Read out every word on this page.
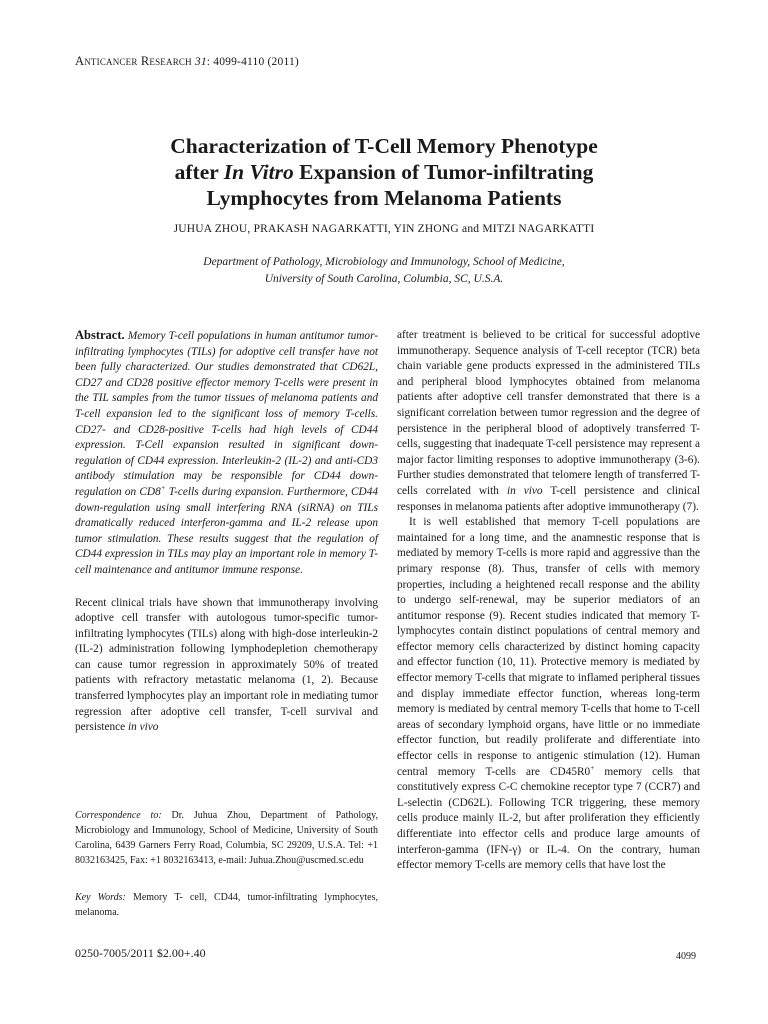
Anticancer Research 31: 4099-4110 (2011)
Characterization of T-Cell Memory Phenotype
after In Vitro Expansion of Tumor-infiltrating
Lymphocytes from Melanoma Patients
JUHUA ZHOU, PRAKASH NAGARKATTI, YIN ZHONG and MITZI NAGARKATTI
Department of Pathology, Microbiology and Immunology, School of Medicine,
University of South Carolina, Columbia, SC, U.S.A.

Abstract. Memory T-cell populations in human antitumor tumor-infiltrating lymphocytes (TILs) for adoptive cell transfer have not been fully characterized. Our studies demonstrated that CD62L, CD27 and CD28 positive effector memory T-cells were present in the TIL samples from the tumor tissues of melanoma patients and T-cell expansion led to the significant loss of memory T-cells. CD27- and CD28-positive T-cells had high levels of CD44 expression. T-Cell expansion resulted in significant down-regulation of CD44 expression. Interleukin-2 (IL-2) and anti-CD3 antibody stimulation may be responsible for CD44 down-regulation on CD8+ T-cells during expansion. Furthermore, CD44 down-regulation using small interfering RNA (siRNA) on TILs dramatically reduced interferon-gamma and IL-2 release upon tumor stimulation. These results suggest that the regulation of CD44 expression in TILs may play an important role in memory T-cell maintenance and antitumor immune response.

Recent clinical trials have shown that immunotherapy involving adoptive cell transfer with autologous tumor-specific tumor-infiltrating lymphocytes (TILs) along with high-dose interleukin-2 (IL-2) administration following lymphodepletion chemotherapy can cause tumor regression in approximately 50% of treated patients with refractory metastatic melanoma (1, 2). Because transferred lymphocytes play an important role in mediating tumor regression after adoptive cell transfer, T-cell survival and persistence in vivo

Correspondence to: Dr. Juhua Zhou, Department of Pathology, Microbiology and Immunology, School of Medicine, University of South Carolina, 6439 Garners Ferry Road, Columbia, SC 29209, U.S.A. Tel: +1 8032163425, Fax: +1 8032163413, e-mail: Juhua.Zhou@uscmed.sc.edu
Key Words: Memory T- cell, CD44, tumor-infiltrating lymphocytes, melanoma.

after treatment is believed to be critical for successful adoptive immunotherapy. Sequence analysis of T-cell receptor (TCR) beta chain variable gene products expressed in the administered TILs and peripheral blood lymphocytes obtained from melanoma patients after adoptive cell transfer demonstrated that there is a significant correlation between tumor regression and the degree of persistence in the peripheral blood of adoptively transferred T-cells, suggesting that inadequate T-cell persistence may represent a major factor limiting responses to adoptive immunotherapy (3-6). Further studies demonstrated that telomere length of transferred T-cells correlated with in vivo T-cell persistence and clinical responses in melanoma patients after adoptive immunotherapy (7).

It is well established that memory T-cell populations are maintained for a long time, and the anamnestic response that is mediated by memory T-cells is more rapid and aggressive than the primary response (8). Thus, transfer of cells with memory properties, including a heightened recall response and the ability to undergo self-renewal, may be superior mediators of an antitumor response (9). Recent studies indicated that memory T-lymphocytes contain distinct populations of central memory and effector memory cells characterized by distinct homing capacity and effector function (10, 11). Protective memory is mediated by effector memory T-cells that migrate to inflamed peripheral tissues and display immediate effector function, whereas long-term memory is mediated by central memory T-cells that home to T-cell areas of secondary lymphoid organs, have little or no immediate effector function, but readily proliferate and differentiate into effector cells in response to antigenic stimulation (12). Human central memory T-cells are CD45R0+ memory cells that constitutively express C-C chemokine receptor type 7 (CCR7) and L-selectin (CD62L). Following TCR triggering, these memory cells produce mainly IL-2, but after proliferation they efficiently differentiate into effector cells and produce large amounts of interferon-gamma (IFN-γ) or IL-4. On the contrary, human effector memory T-cells are memory cells that have lost the

0250-7005/2011 $2.00+.40	4099
